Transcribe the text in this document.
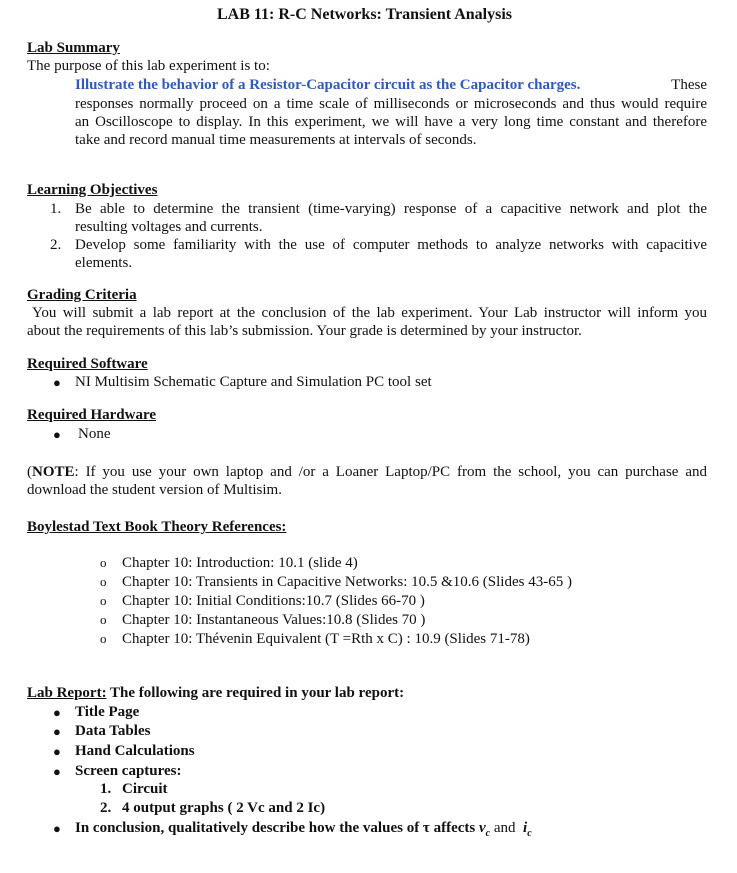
LAB 11: R-C Networks: Transient Analysis
Lab Summary
The purpose of this lab experiment is to:
Illustrate the behavior of a Resistor-Capacitor circuit as the Capacitor charges.	These
responses normally proceed on a time scale of milliseconds or microseconds and thus would require
an Oscilloscope to display. In this experiment, we will have a very long time constant and therefore
take and record manual time measurements at intervals of seconds.
Learning Objectives
1. Be able to determine the transient (time-varying) response of a capacitive network and plot the
resulting voltages and currents.
2. Develop some familiarity with the use of computer methods to analyze networks with capacitive
elements.
Grading Criteria
You will submit a lab report at the conclusion of the lab experiment. Your Lab instructor will inform you
about the requirements of this lab’s submission. Your grade is determined by your instructor.
Required Software
● NI Multisim Schematic Capture and Simulation PC tool set
Required Hardware
● None
( NOTE : If you use your own laptop and /or a Loaner Laptop/PC from the school, you can purchase and
download the student version of Multisim.
Boylestad Text Book Theory References:
o Chapter 10: Introduction: 10.1 (slide 4)
o Chapter 10: Transients in Capacitive Networks: 10.5 &10.6 (Slides 43-65 )
o Chapter 10: Initial Conditions:10.7 (Slides 66-70 )
o Chapter 10: Instantaneous Values:10.8 (Slides 70 )
o Chapter 10: Thévenin Equivalent (T =Rth x C) : 10.9 (Slides 71-78)
Lab Report: The following are required in your lab report:
● Title Page
● Data Tables
● Hand Calculations
● Screen captures:
1. Circuit
2. 4 output graphs ( 2 Vc and 2 Ic)
● In conclusion, qualitatively describe how the values of τ affects $v_c$ and $i_c$
